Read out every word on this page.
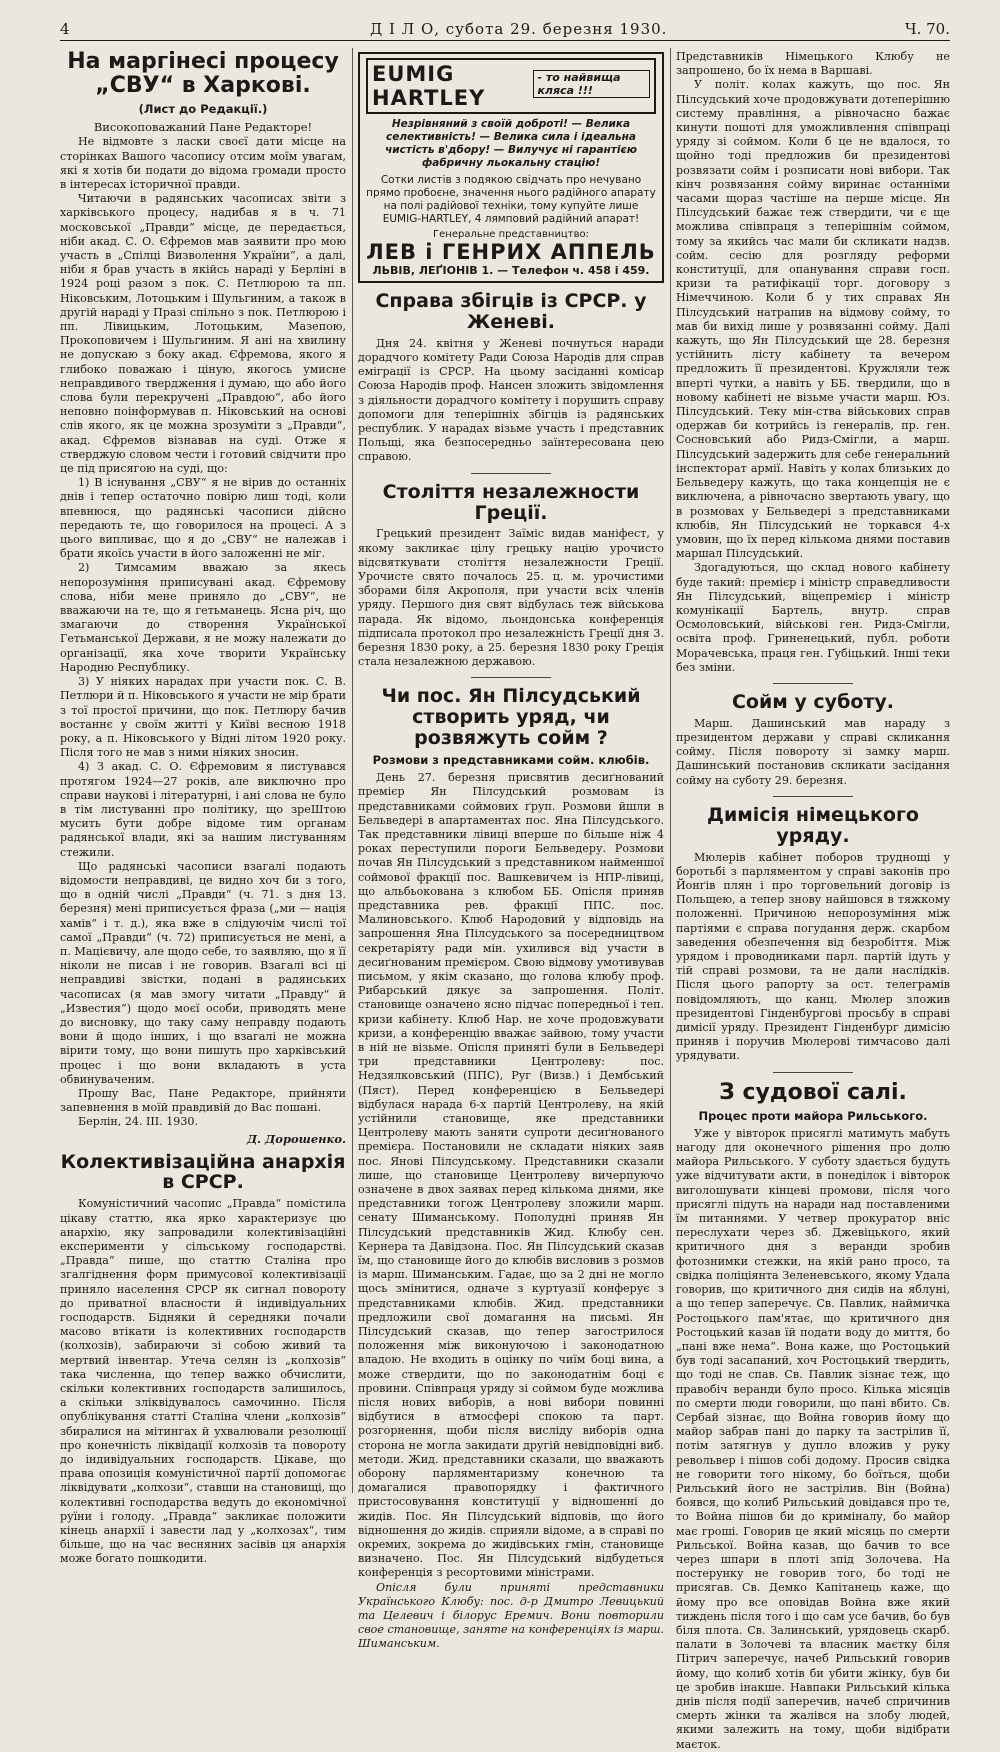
4	Д І Л О, субота 29. березня 1930.	Ч. 70.
На маргінесі процесу „СВУ“ в Харкові.
(Лист до Редакції.)
Високоповажаний Пане Редакторе!

Не відмовте з ласки своєї дати місце на сторінках Вашого часопису отсим моїм увагам, які я хотів би подати до відома громади просто в інтересах історичної правди.

Читаючи в радянських часописах звіти з харківського процесу, надибав я в ч. 71 московської „Правди“ місце, де передається, ніби акад. С. О. Єфремов мав заявити про мою участь в „Спілці Визволення України“, а далі, ніби я брав участь в якійсь нараді у Берліні в 1924 році разом з пок. С. Петлюрою та пп. Ніковським, Лотоцьким і Шульгиним, а також в другій нараді у Празі спільно з пок. Петлюрою і пп. Лівицьким, Лотоцьким, Мазепою, Прокоповичем і Шульгиним. Я ані на хвилину не допускаю з боку акад. Єфремова, якого я глибоко поважаю і ціную, якогось умисне неправдивого твердження і думаю, що або його слова були перекручені „Правдою“, або його неповно поінформував п. Ніковський на основі слів якого, як це можна зрозуміти з „Правди“, акад. Єфремов візнавав на суді. Отже я стверджую словом чести і готовий свідчити про це під присягою на суді, що:

1) В існування „СВУ“ я не вірив до останніх днів і тепер остаточно повірю лиш тоді, коли впевнюся, що радянські часописи дійсно передають те, що говорилося на процесі. А з цього випливає, що я до „СВУ“ не належав і брати якоїсь участи в його заложенні не міг.

2) Тимсамим вважаю за якесь непорозуміння приписувані акад. Єфремову слова, ніби мене приняло до „СВУ“, не вважаючи на те, що я гетьманець. Ясна річ, що змагаючи до створення Української Гетьманської Держави, я не можу належати до організації, яка хоче творити Українську Народню Республику.

3) У ніяких нарадах при участи пок. С. В. Петлюри й п. Ніковського я участи не мір брати з тої простої причини, що пок. Петлюру бачив востаннє у своїм житті у Київі весною 1918 року, а п. Ніковського у Відні літом 1920 року. Після того не мав з ними ніяких зносин.

4) З акад. С. О. Єфремовим я листувався протягом 1924—27 років, але виключно про справи наукові і літературні, і ані слова не було в тім листуванні про політику, що зреШтою мусить бути добре відоме тим органам радянської влади, які за нашим листуванням стежили.

Що радянські часописи взагалі подають відомости неправдиві, це видно хоч би з того, що в одній числі „Правди“ (ч. 71. з дня 13. березня) мені приписується фраза („ми — нація хамів“ і т. д.), яка вже в слідуючім числі тої самої „Правди“ (ч. 72) приписується не мені, а п. Мацієвичу, але щодо себе, то заявляю, що я її ніколи не писав і не говорив. Взагалі всі ці неправдиві звістки, подані в радянських часописах (я мав змогу читати „Правду“ й „Известия“) щодо моєї особи, приводять мене до висновку, що таку саму неправду подають вони й щодо інших, і що взагалі не можна вірити тому, що вони пишуть про харківський процес і що вони вкладають в уста обвинуваченим.

Прошу Вас, Пане Редакторе, прийняти запевнення в моїй правдивій до Вас пошані.

Берлін, 24. III. 1930.

Д. Дорошенко.
Колективізаційна анархія в СРСР.

Комуністичний часопис „Правда“ помістила цікаву статтю, яка ярко характеризує цю анархію, яку запровадили колективізаційні експерименти у сільському господарстві. „Правда“ пише, що статтю Сталіна про згалгіднення форм примусової колективізації приняло населення СРСР як сигнал повороту до приватної власности й індивідуальних господарств. Бідняки й середняки почали масово втікати із колективних господарств (колхозів), забираючи зі собою живий та мертвий інвентар. Утеча селян із „колхозів“ така численна, що тепер важко обчислити, скільки колективних господарств залишилось, а скільки зліквідувалось самочинно. Після опублікування статті Сталіна члени „колхозів“ збиралися на мітингах й ухвалювали резолюції про конечність ліквідації колхозів та повороту до індивідуальних господарств. Цікаве, що права опозиція комуністичної партії допомогає ліквідувати „колхози“, ставши на становищі, що колективні господарства ведуть до економічної руїни і голоду. „Правда“ закликає положити кінець анархії і завести лад у „колхозах“, тим більше, що на час весняних засівів ця анархія може богато пошкодити.

EUMIG HARTLEY
- то найвища кляса !!!
Незрівняний з своїй доброті! — Велика селективність! — Велика сила і ідеальна чистість в'дбору! — Вилучує ні гарантією фабричну льокальну стацію!
Сотки листів з подякою свідчать про нечувано прямо пробоєне, значення нього радійного апарату на полі радійової техніки, тому купуйте лише EUMIG-HARTLEY, 4 лямповий радійний апарат!
Генеральне представництво:
ЛЕВ і ГЕНРИХ АППЕЛЬ
ЛЬВІВ, ЛЕҐІОНІВ 1. — Телефон ч. 458 і 459.
Справа збігців із СРСР. у Женеві.

Дня 24. квітня у Женеві почнуться наради дорадчого комітету Ради Союза Народів для справ еміграції із СРСР. На цьому засіданні комісар Союза Народів проф. Нансен зложить звідомлення з діяльности дорадчого комітету і порушить справу допомоги для теперішніх збігців із радянських республик. У нарадах візьме участь і представник Польщі, яка безпосередньо заїнтересована цею справою.

Століття незалежности Греції.

Грецький президент Заїміс видав маніфест, у якому закликає цілу грецьку націю урочисто відсвяткувати століття незалежности Греції. Урочисте свято почалось 25. ц. м. урочистими зборами біля Акрополя, при участи всіх членів уряду. Першого дня свят відбулась теж військова парада. Як відомо, льондонська конференція підписала протокол про незалежність Греції дня 3. березня 1830 року, а 25. березня 1830 року Греція стала незалежною державою.

Чи пос. Ян Пілсудський створить уряд, чи розвяжуть сойм ?
Розмови з представниками сойм. клюбів.

День 27. березня присвятив десиґнований премієр Ян Пілсудський розмовам із представниками соймових ґруп. Розмови йшли в Бельведері в апартаментах пос. Яна Пілсудського. Так представники лівиці вперше по більше ніж 4 роках переступили пороги Бельведеру. Розмови почав Ян Пілсудський з представником найменшої соймової фракції пос. Вашкевичем із НПР-лівиці, що альбьокована з клюбом ББ. Опісля приняв представника рев. фракції ППС. пос. Малиновського. Клюб Народовий у відповідь на запрошення Яна Пілсудського за посередництвом секретаріяту ради мін. ухилився від участи в десиґнованим премієром. Свою відмову умотивував письмом, у якім сказано, що голова клюбу проф. Рибарський дякує за запрошення. Політ. становище означено ясно підчас попередньої і теп. кризи кабінету. Клюб Нар. не хоче продовжувати кризи, а конференцію вважає зайвою, тому участи в ній не візьме. Опісля приняті були в Бельведері три представники Центролеву: пос. Недзялковський (ППС), Руг (Визв.) і Дембський (Пяст). Перед конференцією в Бельведері відбулася нарада 6-х партій Центролеву, на якій устійнили становище, яке представники Центролеву мають заняти супроти десиґнованого премієра. Постановили не складати ніяких заяв пос. Янові Пілсудському. Представники сказали лише, що становище Центролеву вичерпуючо означене в двох заявах перед кількома днями, яке представники тогож Центролеву зложили марш. сенату Шиманському. Пополудні приняв Ян Пілсудський представників Жид. Клюбу сен. Кернера та Давідзона. Пос. Ян Пілсудський сказав їм, що становище його до клюбів висловив з розмов із марш. Шиманським. Гадає, що за 2 дні не могло щось змінитися, одначе з куртуазії конферує з представниками клюбів. Жид. представники предложили свої домагання на письмі. Ян Пілсудський сказав, що тепер загострилося положення між виконуючою і законодатною владою. Не входить в оцінку по чиїм боці вина, а може ствердити, що по законодатнім боці є провини. Співпраця уряду зі соймом буде можлива після нових виборів, а нові вибори повинні відбутися в атмосфері спокою та парт. розгорнення, щоби після висліду виборів одна сторона не могла закидати другій невідповідні виб. методи. Жид. представники сказали, що вважають оборону парляментаризму конечною та домагалися правопорядку і фактичного пристосовування конституції у відношенні до жидів. Пос. Ян Пілсудський відповів, що його відношення до жидів. сприяли відоме, а в справі по окремих, зокрема до жидівських гмін, становище визначено. Пос. Ян Пілсудський відбудеться конференція з ресортовими міністрами.

Опісля були приняті представники Українського Клюбу: пос. д-р Дмитро Левицький та Целевич і білорус Еремич. Вони повторили свое становище, заняте на конференціях із марш. Шиманським.

Представників Німецького Клюбу не запрошено, бо їх нема в Варшаві.

У політ. колах кажуть, що пос. Ян Пілсудський хоче продовжувати дотеперішню систему правління, а рівночасно бажає кинути пошоті для уможливлення співпраці уряду зі соймом. Коли б це не вдалося, то щойно тоді предложив би президентові розвязати сойм і розписати нові вибори. Так кінч розвязання сойму виринає останніми часами щораз частіше на перше місце. Ян Пілсудський бажає теж ствердити, чи є ще можлива співпраця з теперішнім соймом, тому за якийсь час мали би скликати надзв. сойм. сесію для розгляду реформи конституції, для опанування справи госп. кризи та ратифікації торг. договору з Німеччиною. Коли б у тих справах Ян Пілсудський натрапив на відмову сойму, то мав би вихід лише у розвязанні сойму. Далі кажуть, що Ян Пілсудський ще 28. березня устійнить лісту кабінету та вечером предложить її президентові. Кружляли теж вперті чутки, а навіть у ББ. твердили, що в новому кабінеті не візьме участи марш. Юз. Пілсудський. Теку мін-ства військових справ одержав би котрийсь із генералів, пр. ген. Сосновський або Ридз-Смігли, а марш. Пілсудський задержить для себе генеральний інспекторат армії. Навіть у колах близьких до Бельведеру кажуть, що така концепція не є виключена, а рівночасно звертають увагу, що в розмовах у Бельведері з представниками клюбів, Ян Пілсудський не торкався 4-х умовин, що їх перед кількома днями поставив маршал Пілсудський.

Здогадуються, що склад нового кабінету буде такий: премієр і міністр справедливости Ян Пілсудський, віцепремієр і міністр комунікації Бартель, внутр. справ Осмоловський, військові ген. Ридз-Смігли, освіта проф. Гриненецький, публ. роботи Морачевська, праця ген. Губіцький. Інші теки без зміни.

Сойм у суботу.

Марш. Дашинський мав нараду з президентом держави у справі скликання сойму. Після повороту зі замку марш. Дашинський постановив скликати засідання сойму на суботу 29. березня.

Димісія німецького уряду.

Мюлерів кабінет поборов труднощі у боротьбі з парляментом у справі законів про Йонґів плян і про торговельний договір із Польщею, а тепер знову найшовся в тяжкому положенні. Причиною непорозуміння між партіями є справа погудання держ. скарбом заведення обезпечення від безробіття. Між урядом і проводниками парл. партій ідуть у тій справі розмови, та не дали наслідків. Після цього рапорту за ост. телеграмів повідомляють, що канц. Мюлер зложив президентові Гінденбургові просьбу в справі димісії уряду. Президент Гінденбург димісію приняв і поручив Мюлерові тимчасово далі урядувати.

З судової салі.
Процес проти майора Рильського.

Уже у вівторок присяглі матимуть мабуть нагоду для оконечного рішення про долю майора Рильського. У суботу здається будуть уже відчитувати акти, в понеділок і вівторок виголошувати кінцеві промови, після чого присяглі підуть на наради над поставленими їм питаннями. У четвер прокуратор вніс переслухати через зб. Джевіцького, який критичного дня з веранди зробив фотознимки стежки, на якій рано просо, та свідка поліціянта Зеленевського, якому Удала говорив, що критичного дня сидів на яблуні, а що тепер заперечує. Св. Павлик, наймичка Ростоцького пам'ятає, що критичного дня Ростоцький казав їй подати воду до миття, бо „пані вже нема“. Вона каже, що Ростоцький був тоді засапаний, хоч Ростоцький твердить, що тоді не спав. Св. Павлик зізнає теж, що правобіч веранди було просо. Кілька місяців по смерти люди говорили, що пані вбито. Св. Сербай зізнає, що Война говорив йому що майор забрав пані до парку та застрілив її, потім затягнув у дупло вложив у руку револьвер і пішов собі додому. Просив свідка не говорити того нікому, бо боїться, щоби Рильський його не застрілив. Він (Война) боявся, що колиб Рильський довідався про те, то Война пішов би до криміналу, бо майор має гроші. Говорив це який місяць по смерти Рильської. Война казав, що бачив то все через шпари в плоті зпід Золочева. На постерунку не говорив того, бо тоді не присягав. Св. Демко Капітанець каже, що йому про все оповідав Война вже який тиждень після того і що сам усе бачив, бо був біля плота. Св. Залинський, урядовець скарб. палати в Золочеві та власник маєтку біля Пітрич заперечує, начеб Рильський говорив йому, що колиб хотів би убити жінку, був би це зробив інакше. Навпаки Рильський кілька днів після події заперечив, начеб спричинив смерть жінки та жалівся на злобу людей, якими залежить на тому, щоби відібрати маєток.
